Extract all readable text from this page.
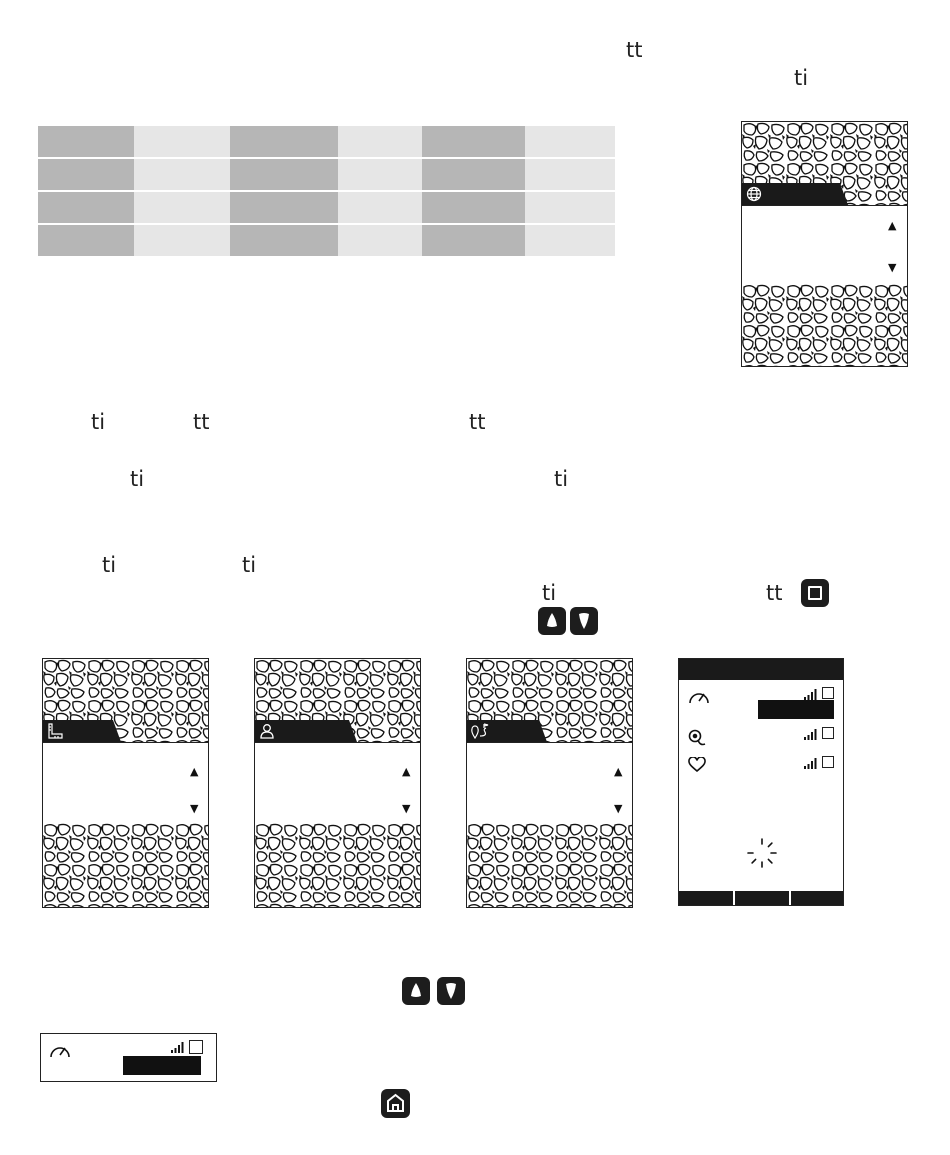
tt
ti
▲
▼
ti	tt	tt
ti	ti
ti	ti
ti	tt
▲
▼
▲
▼
▲
▼
